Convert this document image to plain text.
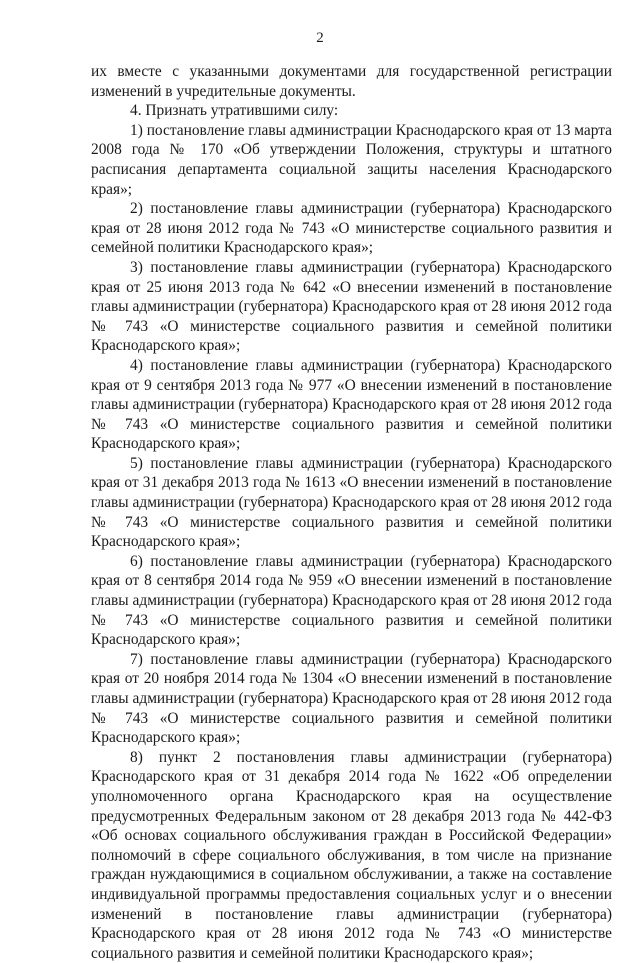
2

их вместе с указанными документами для государственной регистрации изменений в учредительные документы.

4. Признать утратившими силу:

1) постановление главы администрации Краснодарского края от 13 марта 2008 года № 170 «Об утверждении Положения, структуры и штатного расписания департамента социальной защиты населения Краснодарского края»;

2) постановление главы администрации (губернатора) Краснодарского края от 28 июня 2012 года № 743 «О министерстве социального развития и семейной политики Краснодарского края»;

3) постановление главы администрации (губернатора) Краснодарского края от 25 июня 2013 года № 642 «О внесении изменений в постановление главы администрации (губернатора) Краснодарского края от 28 июня 2012 года № 743 «О министерстве социального развития и семейной политики Краснодарского края»;

4) постановление главы администрации (губернатора) Краснодарского края от 9 сентября 2013 года № 977 «О внесении изменений в постановление главы администрации (губернатора) Краснодарского края от 28 июня 2012 года № 743 «О министерстве социального развития и семейной политики Краснодарского края»;

5) постановление главы администрации (губернатора) Краснодарского края от 31 декабря 2013 года № 1613 «О внесении изменений в постановление главы администрации (губернатора) Краснодарского края от 28 июня 2012 года № 743 «О министерстве социального развития и семейной политики Краснодарского края»;

6) постановление главы администрации (губернатора) Краснодарского края от 8 сентября 2014 года № 959 «О внесении изменений в постановление главы администрации (губернатора) Краснодарского края от 28 июня 2012 года № 743 «О министерстве социального развития и семейной политики Краснодарского края»;

7) постановление главы администрации (губернатора) Краснодарского края от 20 ноября 2014 года № 1304 «О внесении изменений в постановление главы администрации (губернатора) Краснодарского края от 28 июня 2012 года № 743 «О министерстве социального развития и семейной политики Краснодарского края»;

8) пункт 2 постановления главы администрации (губернатора) Краснодарского края от 31 декабря 2014 года № 1622 «Об определении уполномоченного органа Краснодарского края на осуществление предусмотренных Федеральным законом от 28 декабря 2013 года № 442-ФЗ «Об основах социального обслуживания граждан в Российской Федерации» полномочий в сфере социального обслуживания, в том числе на признание граждан нуждающимися в социальном обслуживании, а также на составление индивидуальной программы предоставления социальных услуг и о внесении изменений в постановление главы администрации (губернатора) Краснодарского края от 28 июня 2012 года № 743 «О министерстве социального развития и семейной политики Краснодарского края»;
